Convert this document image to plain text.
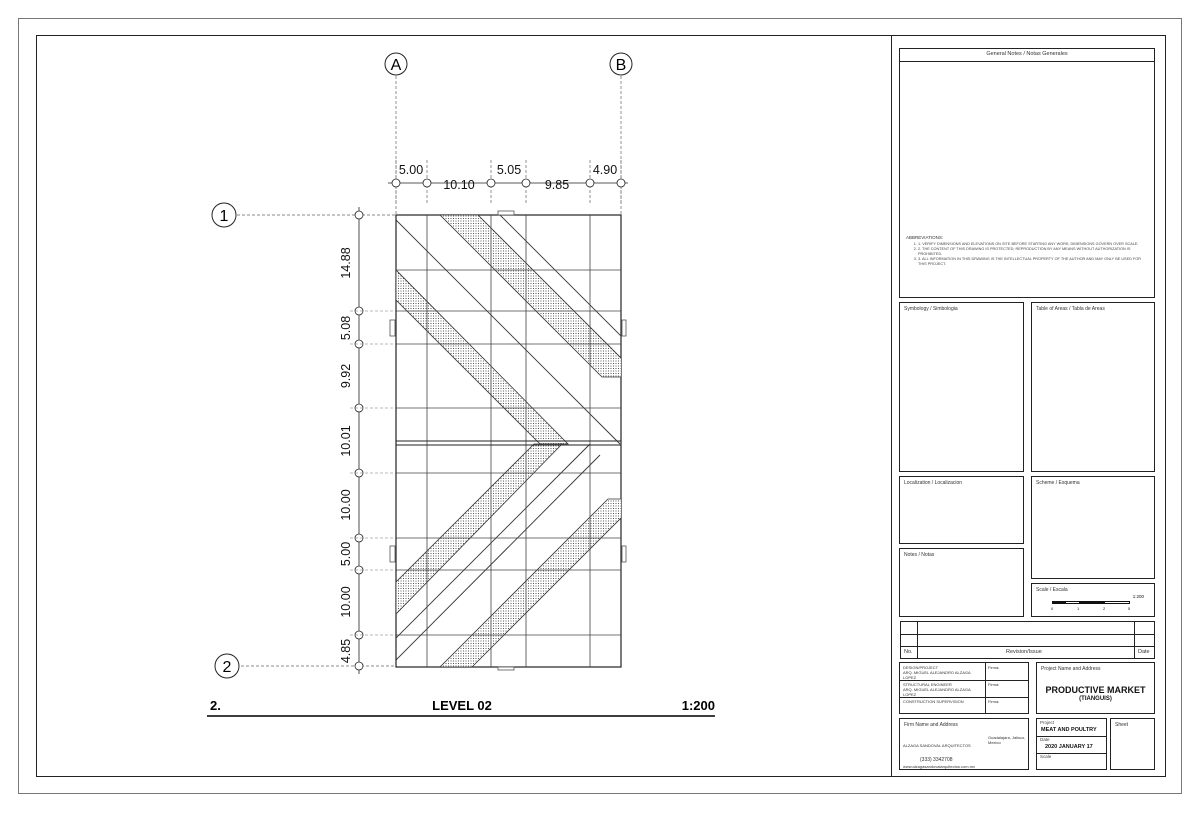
A	B
1
2
5.00
10.10
5.05
9.85
4.90
14.88
5.08
9.92
10.01
10.00
5.00
10.00
4.85
2.	LEVEL 02	1:200
General Notes / Notas Generales
ABBREVIATIONS:
1. 1. VERIFY DIMENSIONS AND ELEVATIONS ON SITE BEFORE STARTING ANY WORK; DIMENSIONS GOVERN OVER SCALE.
2. 2. THE CONTENT OF THIS DRAWING IS PROTECTED; REPRODUCTION BY ANY MEANS WITHOUT AUTHORIZATION IS PROHIBITED.
3. 3. ALL INFORMATION IN THIS DRAWING IS THE INTELLECTUAL PROPERTY OF THE AUTHOR AND MAY ONLY BE USED FOR THIS PROJECT.
Symbology / Simbologia	Table of Areas / Tabla de Areas
Localization / Localizacion	Scheme / Esquema
Notes / Notas
Scale / Escala
1:200
0	1	2	5
No.	Revision/Issue	Date
DESIGN/PROJECT
ARQ. MIGUEL ALEJANDRO ALZAGA LOPEZ
Firma:
STRUCTURAL ENGINEER
ARQ. MIGUEL ALEJANDRO ALZAGA LOPEZ
Firma:
CONSTRUCTION SUPERVISION	Firma:
Project Name and Address
PRODUCTIVE MARKET
(TIANGUIS)
Firm Name and Address
ALZAGA SANDOVAL ARQUITECTOS
Guadalajara, Jalisco, Mexico
(333) 3342708
www.alzagasandovalarquitectos.com.mx
Project
MEAT AND POULTRY
Date
2020 JANUARY 17
Scale
Sheet
